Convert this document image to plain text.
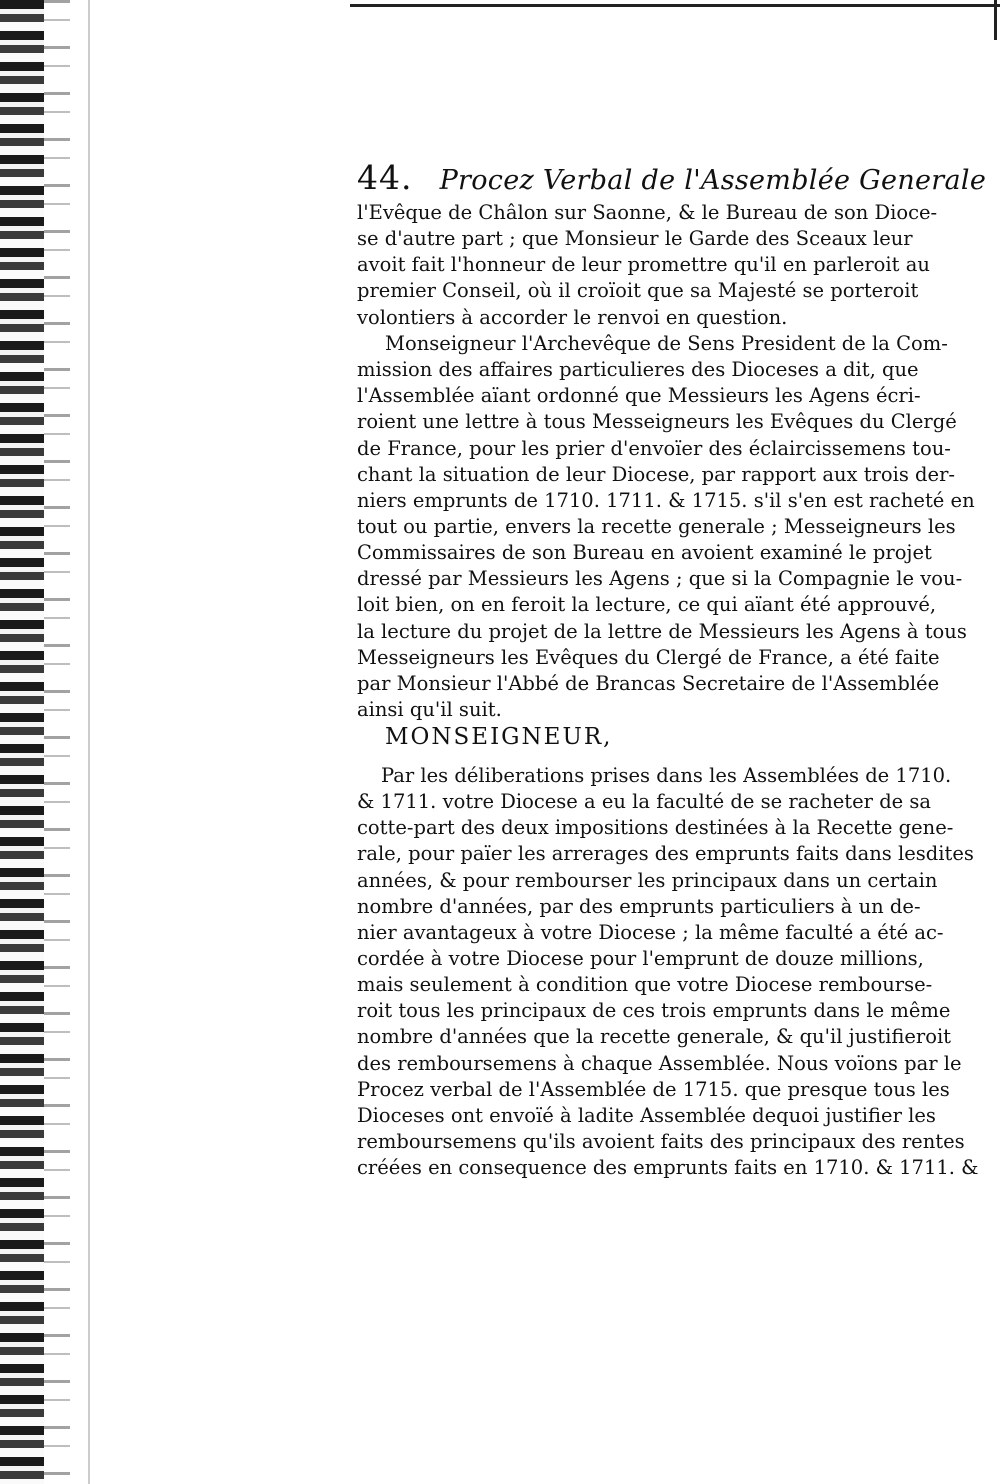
44. Procez Verbal de l'Assemblée Generale
l'Evêque de Châlon sur Saonne, & le Bureau de son Dioce-
se d'autre part ; que Monsieur le Garde des Sceaux leur
avoit fait l'honneur de leur promettre qu'il en parleroit au
premier Conseil, où il croïoit que sa Majesté se porteroit
volontiers à accorder le renvoi en question.
Monseigneur l'Archevêque de Sens President de la Com-
mission des affaires particulieres des Dioceses a dit, que
l'Assemblée aïant ordonné que Messieurs les Agens écri-
roient une lettre à tous Messeigneurs les Evêques du Clergé
de France, pour les prier d'envoïer des éclaircissemens tou-
chant la situation de leur Diocese, par rapport aux trois der-
niers emprunts de 1710. 1711. & 1715. s'il s'en est racheté en
tout ou partie, envers la recette generale ; Messeigneurs les
Commissaires de son Bureau en avoient examiné le projet
dressé par Messieurs les Agens ; que si la Compagnie le vou-
loit bien, on en feroit la lecture, ce qui aïant été approuvé,
la lecture du projet de la lettre de Messieurs les Agens à tous
Messeigneurs les Evêques du Clergé de France, a été faite
par Monsieur l'Abbé de Brancas Secretaire de l'Assemblée
ainsi qu'il suit.
MONSEIGNEUR,
Par les déliberations prises dans les Assemblées de 1710.
& 1711. votre Diocese a eu la faculté de se racheter de sa
cotte-part des deux impositions destinées à la Recette gene-
rale, pour païer les arrerages des emprunts faits dans lesdites
années, & pour rembourser les principaux dans un certain
nombre d'années, par des emprunts particuliers à un de-
nier avantageux à votre Diocese ; la même faculté a été ac-
cordée à votre Diocese pour l'emprunt de douze millions,
mais seulement à condition que votre Diocese rembourse-
roit tous les principaux de ces trois emprunts dans le même
nombre d'années que la recette generale, & qu'il justifieroit
des remboursemens à chaque Assemblée. Nous voïons par le
Procez verbal de l'Assemblée de 1715. que presque tous les
Dioceses ont envoïé à ladite Assemblée dequoi justifier les
remboursemens qu'ils avoient faits des principaux des rentes
créées en consequence des emprunts faits en 1710. & 1711. &
